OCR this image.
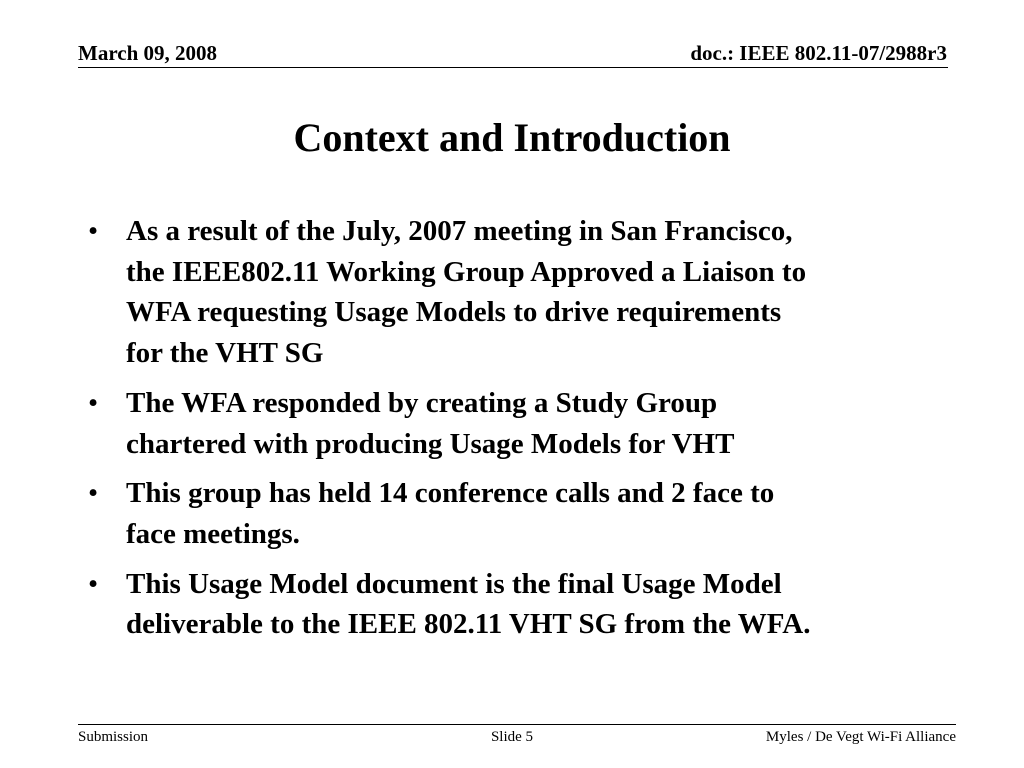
March 09, 2008	doc.: IEEE 802.11-07/2988r3
Context and Introduction
• As a result of the July, 2007 meeting in San Francisco,
the IEEE802.11 Working Group Approved a Liaison to
WFA requesting Usage Models to drive requirements
for the VHT SG
• The WFA responded by creating a Study Group
chartered with producing Usage Models for VHT
• This group has held 14 conference calls and 2 face to
face meetings.
• This Usage Model document is the final Usage Model
deliverable to the IEEE 802.11 VHT SG from the WFA.
Submission	Slide 5	Myles / De Vegt Wi-Fi Alliance
